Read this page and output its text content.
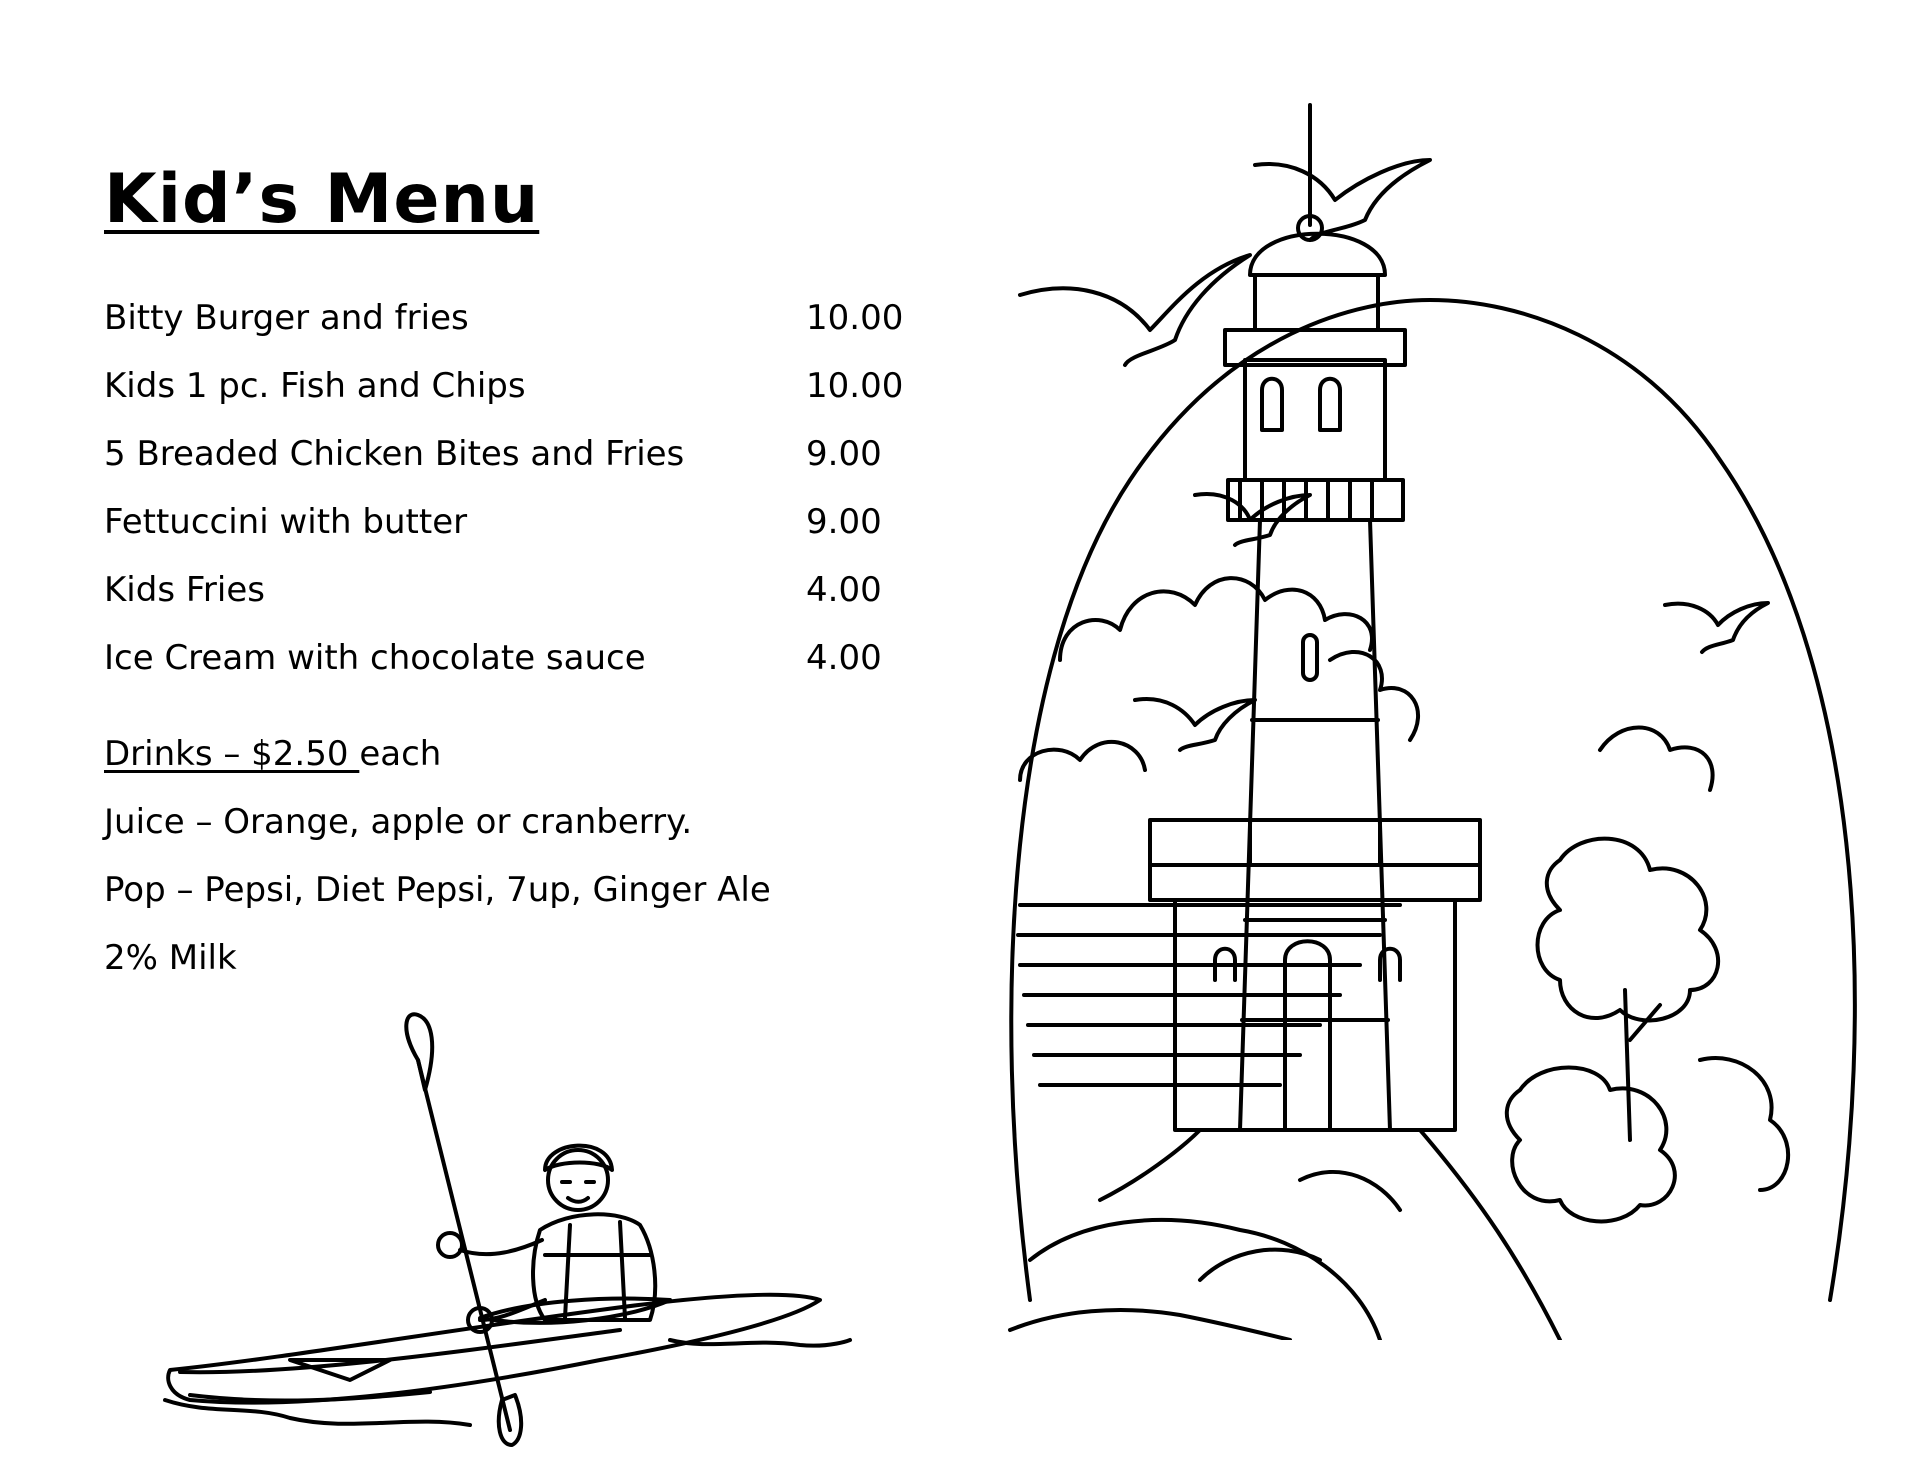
Kid’s Menu
Bitty Burger and fries	10.00
Kids 1 pc. Fish and Chips	10.00
5 Breaded Chicken Bites and Fries	9.00
Fettuccini with butter	9.00
Kids Fries	4.00
Ice Cream with chocolate sauce	4.00
Drinks – $2.50 each
Juice – Orange, apple or cranberry.
Pop – Pepsi, Diet Pepsi, 7up, Ginger Ale
2% Milk
